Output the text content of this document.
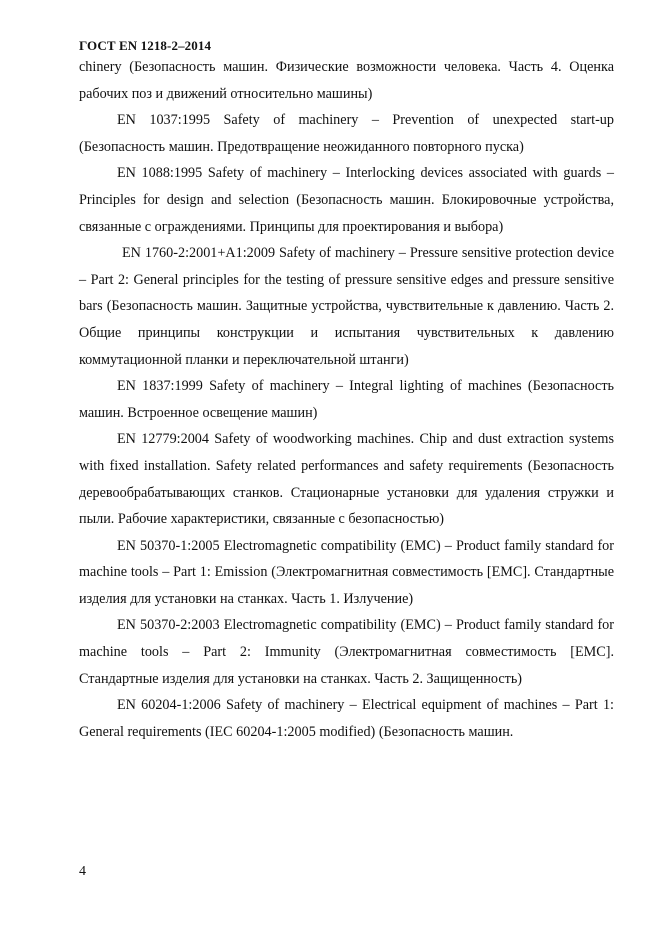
ГОСТ EN 1218-2–2014

chinery (Безопасность машин. Физические возможности человека. Часть 4. Оценка рабочих поз и движений относительно машины)

EN 1037:1995 Safety of machinery – Prevention of unexpected start-up (Безопасность машин. Предотвращение неожиданного повторного пуска)

EN 1088:1995 Safety of machinery – Interlocking devices associated with guards – Principles for design and selection (Безопасность машин. Блокировочные устройства, связанные с ограждениями. Принципы для проектирования и выбора)

EN 1760-2:2001+A1:2009 Safety of machinery – Pressure sensitive protection device – Part 2: General principles for the testing of pressure sensitive edges and pressure sensitive bars (Безопасность машин. Защитные устройства, чувствительные к давлению. Часть 2. Общие принципы конструкции и испытания чувствительных к давлению коммутационной планки и переключательной штанги)

EN 1837:1999 Safety of machinery – Integral lighting of machines (Безопасность машин. Встроенное освещение машин)

EN 12779:2004 Safety of woodworking machines. Chip and dust extraction systems with fixed installation. Safety related performances and safety requirements (Безопасность деревообрабатывающих станков. Стационарные установки для удаления стружки и пыли. Рабочие характеристики, связанные с безопасностью)

EN 50370-1:2005 Electromagnetic compatibility (EMC) – Product family standard for machine tools – Part 1: Emission (Электромагнитная совместимость [EMC]. Стандартные изделия для установки на станках. Часть 1. Излучение)

EN 50370-2:2003 Electromagnetic compatibility (EMC) – Product family standard for machine tools – Part 2: Immunity (Электромагнитная совместимость [EMC]. Стандартные изделия для установки на станках. Часть 2. Защищенность)

EN 60204-1:2006 Safety of machinery – Electrical equipment of machines – Part 1: General requirements (IEC 60204-1:2005 modified) (Безопасность машин.

4
